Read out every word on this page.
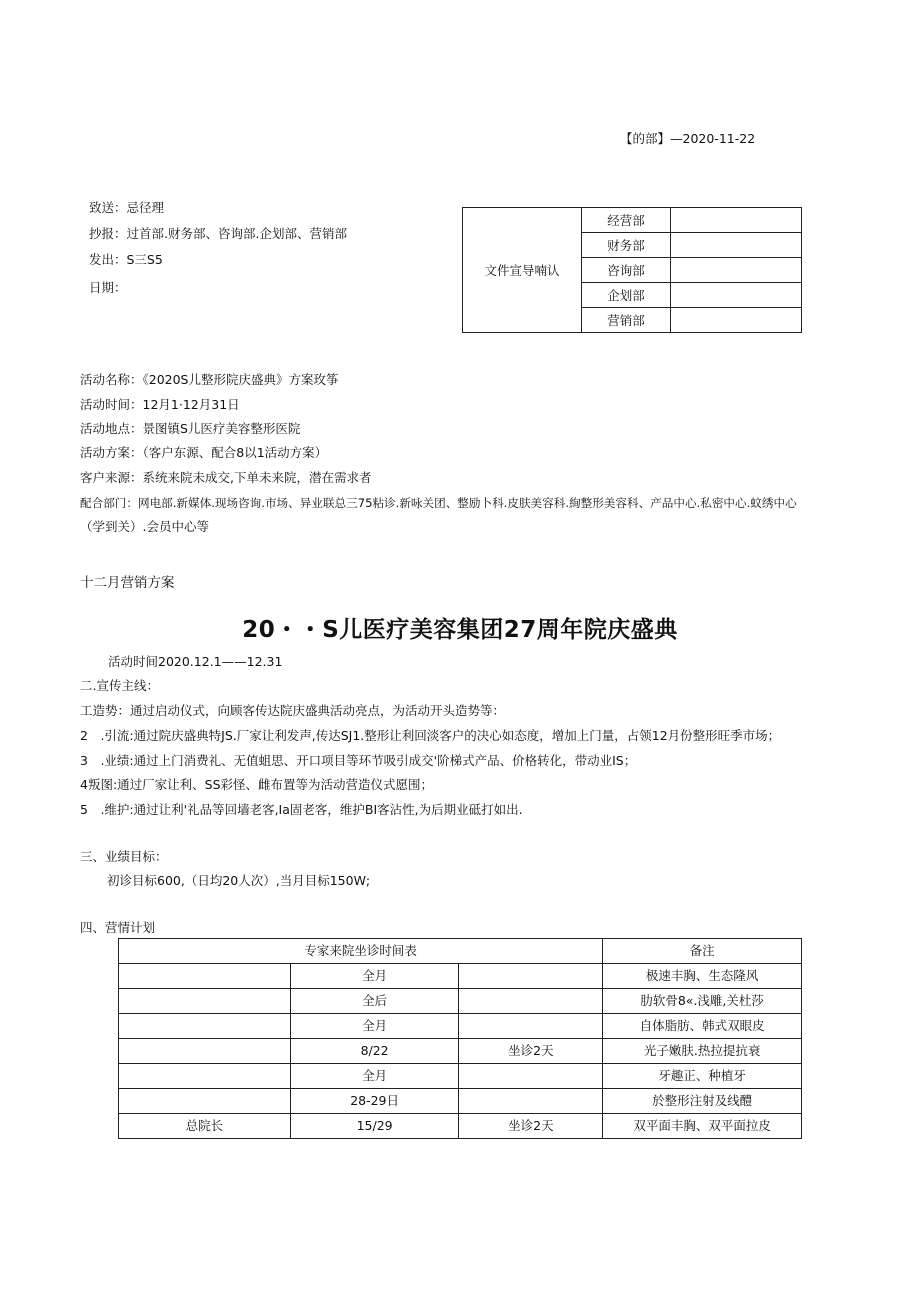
【的部】—2020-11-22
致送：忌径理
抄报：过首部.财务部、咨询部.企划部、营销部
发出：S三S5
日期：
文件宣导喃认	经营部	
	财务部	
	咨询部	
	企划部	
	营销部	
活动名称：《2020S儿整形院庆盛典》方案玫筝
活动时间：12月1·12月31日
活动地点：景图镇S儿医疗美容整形医院
活动方案：（客户东源、配合8以1活动方案）
客户来源：系统来院未成交,下单未来院，潜在需求者
配合部门：网电部.新媒体.现场咨询.市场、异业联总三75粘诊.新咏关团、整励卜科.皮肤美容科.絢整形美容科、产品中心.私密中心.蚊绣中心
（学到关）.会员中心等
十二月营销方案
20・・S儿医疗美容集团27周年院庆盛典
活动时间2020.12.1——12.31
二.宣传主线：
工造势：通过启动仪式，向顾客传达院庆盛典活动亮点，为活动开头造势等：
2　.引流:通过院庆盛典特JS.厂家让利发声,传达SJ1.整形让利回淡客户的决心如态度，增加上门量，占领12月份整形旺季市场；
3　.业绩:通过上门消费礼、无值蛆思、开口项目等环节吸引成交'阶梯式产品、价格转化，带动业IS；
4叛图:通过厂家让利、SS彩怪、雌布置等为活动营造仪式愿围；
5　.维护:通过让利'礼品等回墙老客,Ia固老客，维护BI客沾性,为后期业砥打如出.
三、业绩目标：
初诊目标600,（日均20人次）,当月目标150W;
四、营情计划
专家来院坐诊时间表			备注
	全月		极速丰胸、生态隆风
	全后		肋软骨8«.浅雕,关杜莎
	全月		自体脂肪、韩式双眼皮
	8/22	坐诊2天	光子嫩肤.热拉提抗衰
	全月		牙趣正、种植牙
	28-29日		於整形注射及线醴
总院长	15/29	坐诊2天	双平面丰胸、双平面拉皮
